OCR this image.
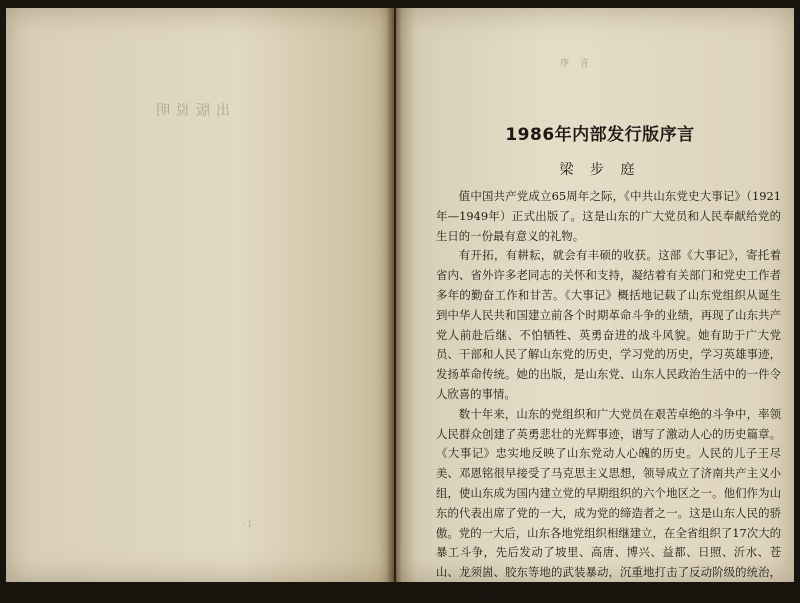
出版说明
·1·
序 言
1986年内部发行版序言
梁 步 庭

值中国共产党成立65周年之际，《中共山东党史大事记》（1921年—1949年）正式出版了。这是山东的广大党员和人民奉献给党的生日的一份最有意义的礼物。

有开拓，有耕耘，就会有丰硕的收获。这部《大事记》，寄托着省内、省外许多老同志的关怀和支持，凝结着有关部门和党史工作者多年的勤奋工作和甘苦。《大事记》概括地记载了山东党组织从诞生到中华人民共和国建立前各个时期革命斗争的业绩，再现了山东共产党人前赴后继、不怕牺牲、英勇奋进的战斗风貌。她有助于广大党员、干部和人民了解山东党的历史，学习党的历史，学习英雄事迹，发扬革命传统。她的出版，是山东党、山东人民政治生活中的一件令人欣喜的事情。

数十年来，山东的党组织和广大党员在艰苦卓绝的斗争中，率领人民群众创建了英勇悲壮的光辉事迹，谱写了激动人心的历史篇章。《大事记》忠实地反映了山东党动人心魄的历史。人民的儿子王尽美、邓恩铭很早接受了马克思主义思想，领导成立了济南共产主义小组，使山东成为国内建立党的早期组织的六个地区之一。他们作为山东的代表出席了党的一大，成为党的缔造者之一。这是山东人民的骄傲。党的一大后，山东各地党组织相继建立，在全省组织了17次大的暴工斗争，先后发动了坡里、高唐、博兴、益都、日照、沂水、苍山、龙须崮、胶东等地的武装暴动，沉重地打击了反动阶级的统治，扩大了党的影响，播下了
